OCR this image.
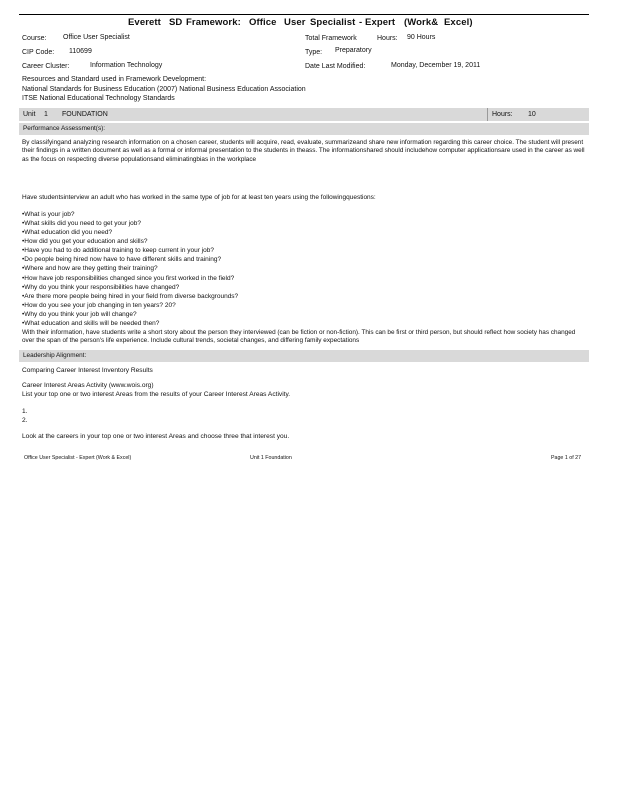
Everett SD Framework: Office User Specialist - Expert (Work& Excel)
Course: Office User Specialist	Total Framework	Hours: 90 Hours
CIP Code: 110699	Type: Preparatory
Career Cluster:	Information Technology	Date Last Modified:	Monday, December 19, 2011
Resources and Standard used in Framework Development:
National Standards for Business Education (2007) National Business Education Association
ITSE National Educational Technology Standards
Unit 1 FOUNDATION	Hours: 10
Performance Assessment(s):
By classifyingand analyzing research information on a chosen career, students will acquire, read, evaluate, summarizeand share new information regarding this career choice. The student will present their findings in a written document as well as a formal or informal presentation to the students in theass. The informationshared should includehow computer applicationsare used in the career as well as the focus on respecting diverse populationsand eliminatingbias in the workplace
Have studentsinterview an adult who has worked in the same type of job for at least ten years using the followingquestions:
•What is your job?
•What skills did you need to get your job?
•What education did you need?
•How did you get your education and skills?
•Have you had to do additional training to keep current in your job?
•Do people being hired now have to have different skills and training?
•Where and how are they getting their training?
•How have job responsibilities changed since you first worked in the field?
•Why do you think your responsibilities have changed?
•Are there more people being hired in your field from diverse backgrounds?
•How do you see your job changing in ten years? 20?
•Why do you think your job will change?
•What education and skills will be needed then?
With their information, have students write a short story about the person they interviewed (can be fiction or non-fiction). This can be first or third person, but should reflect how society has changed over the span of the person's life experience. Include cultural trends, societal changes, and differing family expectations
Leadership Alignment:
Comparing Career Interest Inventory Results
Career Interest Areas Activity (www.wois.org)
List your top one or two interest Areas from the results of your Career Interest Areas Activity.
1.
2.
Look at the careers in your top one or two interest Areas and choose three that interest you.
Office User Specialist - Expert (Work & Excel)	Unit 1 Foundation	Page 1 of 27
